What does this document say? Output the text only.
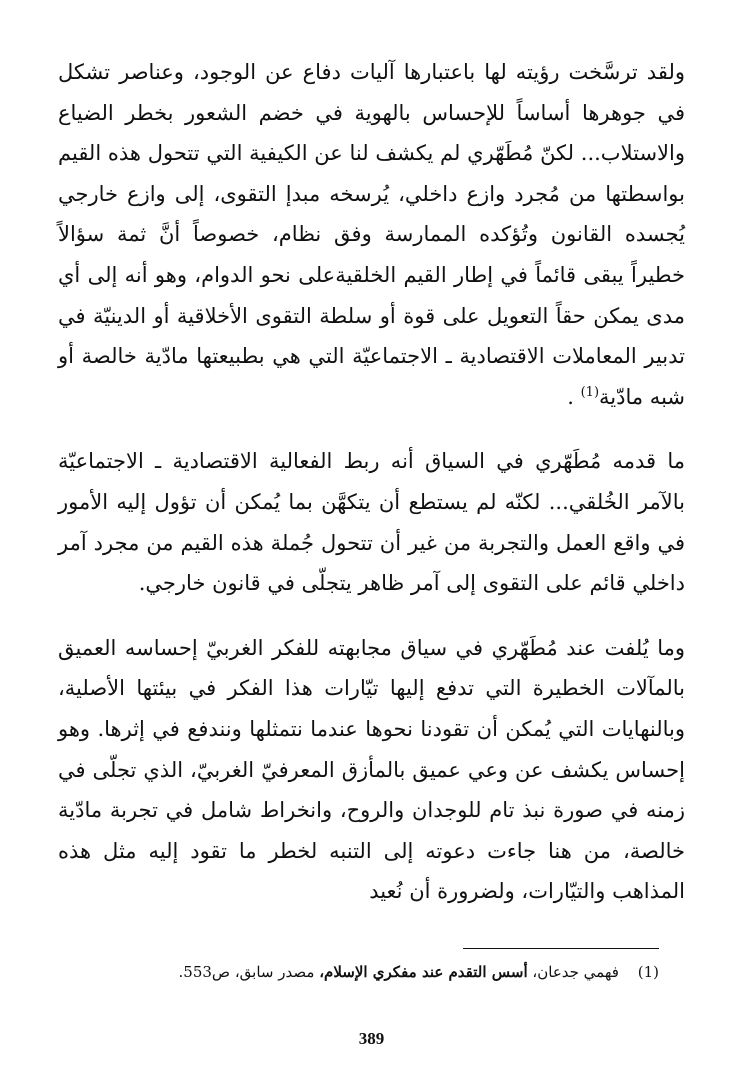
ولقد ترسَّخت رؤيته لها باعتبارها آليات دفاع عن الوجود، وعناصر تشكل في جوهرها أساساً للإحساس بالهوية في خضم الشعور بخطر الضياع والاستلاب... لكنّ مُطَهّري لم يكشف لنا عن الكيفية التي تتحول هذه القيم بواسطتها من مُجرد وازع داخلي، يُرسخه مبدإ التقوى، إلى وازع خارجي يُجسده القانون وتُؤكده الممارسة وفق نظام، خصوصاً أنَّ ثمة سؤالاً خطيراً يبقى قائماً في إطار القيم الخلقيةعلى نحو الدوام، وهو أنه إلى أي مدى يمكن حقاً التعويل على قوة أو سلطة التقوى الأخلاقية أو الدينيّة في تدبير المعاملات الاقتصادية ـ الاجتماعيّة التي هي بطبيعتها مادّية خالصة أو شبه مادّية$^{(1)}$ .

ما قدمه مُطَهّري في السياق أنه ربط الفعالية الاقتصادية ـ الاجتماعيّة بالآمر الخُلقي... لكنّه لم يستطع أن يتكهَّن بما يُمكن أن تؤول إليه الأمور في واقع العمل والتجربة من غير أن تتحول جُملة هذه القيم من مجرد آمر داخلي قائم على التقوى إلى آمر ظاهر يتجلّى في قانون خارجي.

وما يُلفت عند مُطَهّري في سياق مجابهته للفكر الغربيّ إحساسه العميق بالمآلات الخطيرة التي تدفع إليها تيّارات هذا الفكر في بيئتها الأصلية، وبالنهايات التي يُمكن أن تقودنا نحوها عندما نتمثلها ونندفع في إثرها. وهو إحساس يكشف عن وعي عميق بالمأزق المعرفيّ الغربيّ، الذي تجلّى في زمنه في صورة نبذ تام للوجدان والروح، وانخراط شامل في تجربة مادّية خالصة، من هنا جاءت دعوته إلى التنبه لخطر ما تقود إليه مثل هذه المذاهب والتيّارات، ولضرورة أن نُعيد

(1) فهمي جدعان، أسس التقدم عند مفكري الإسلام، مصدر سابق، ص553.
389
